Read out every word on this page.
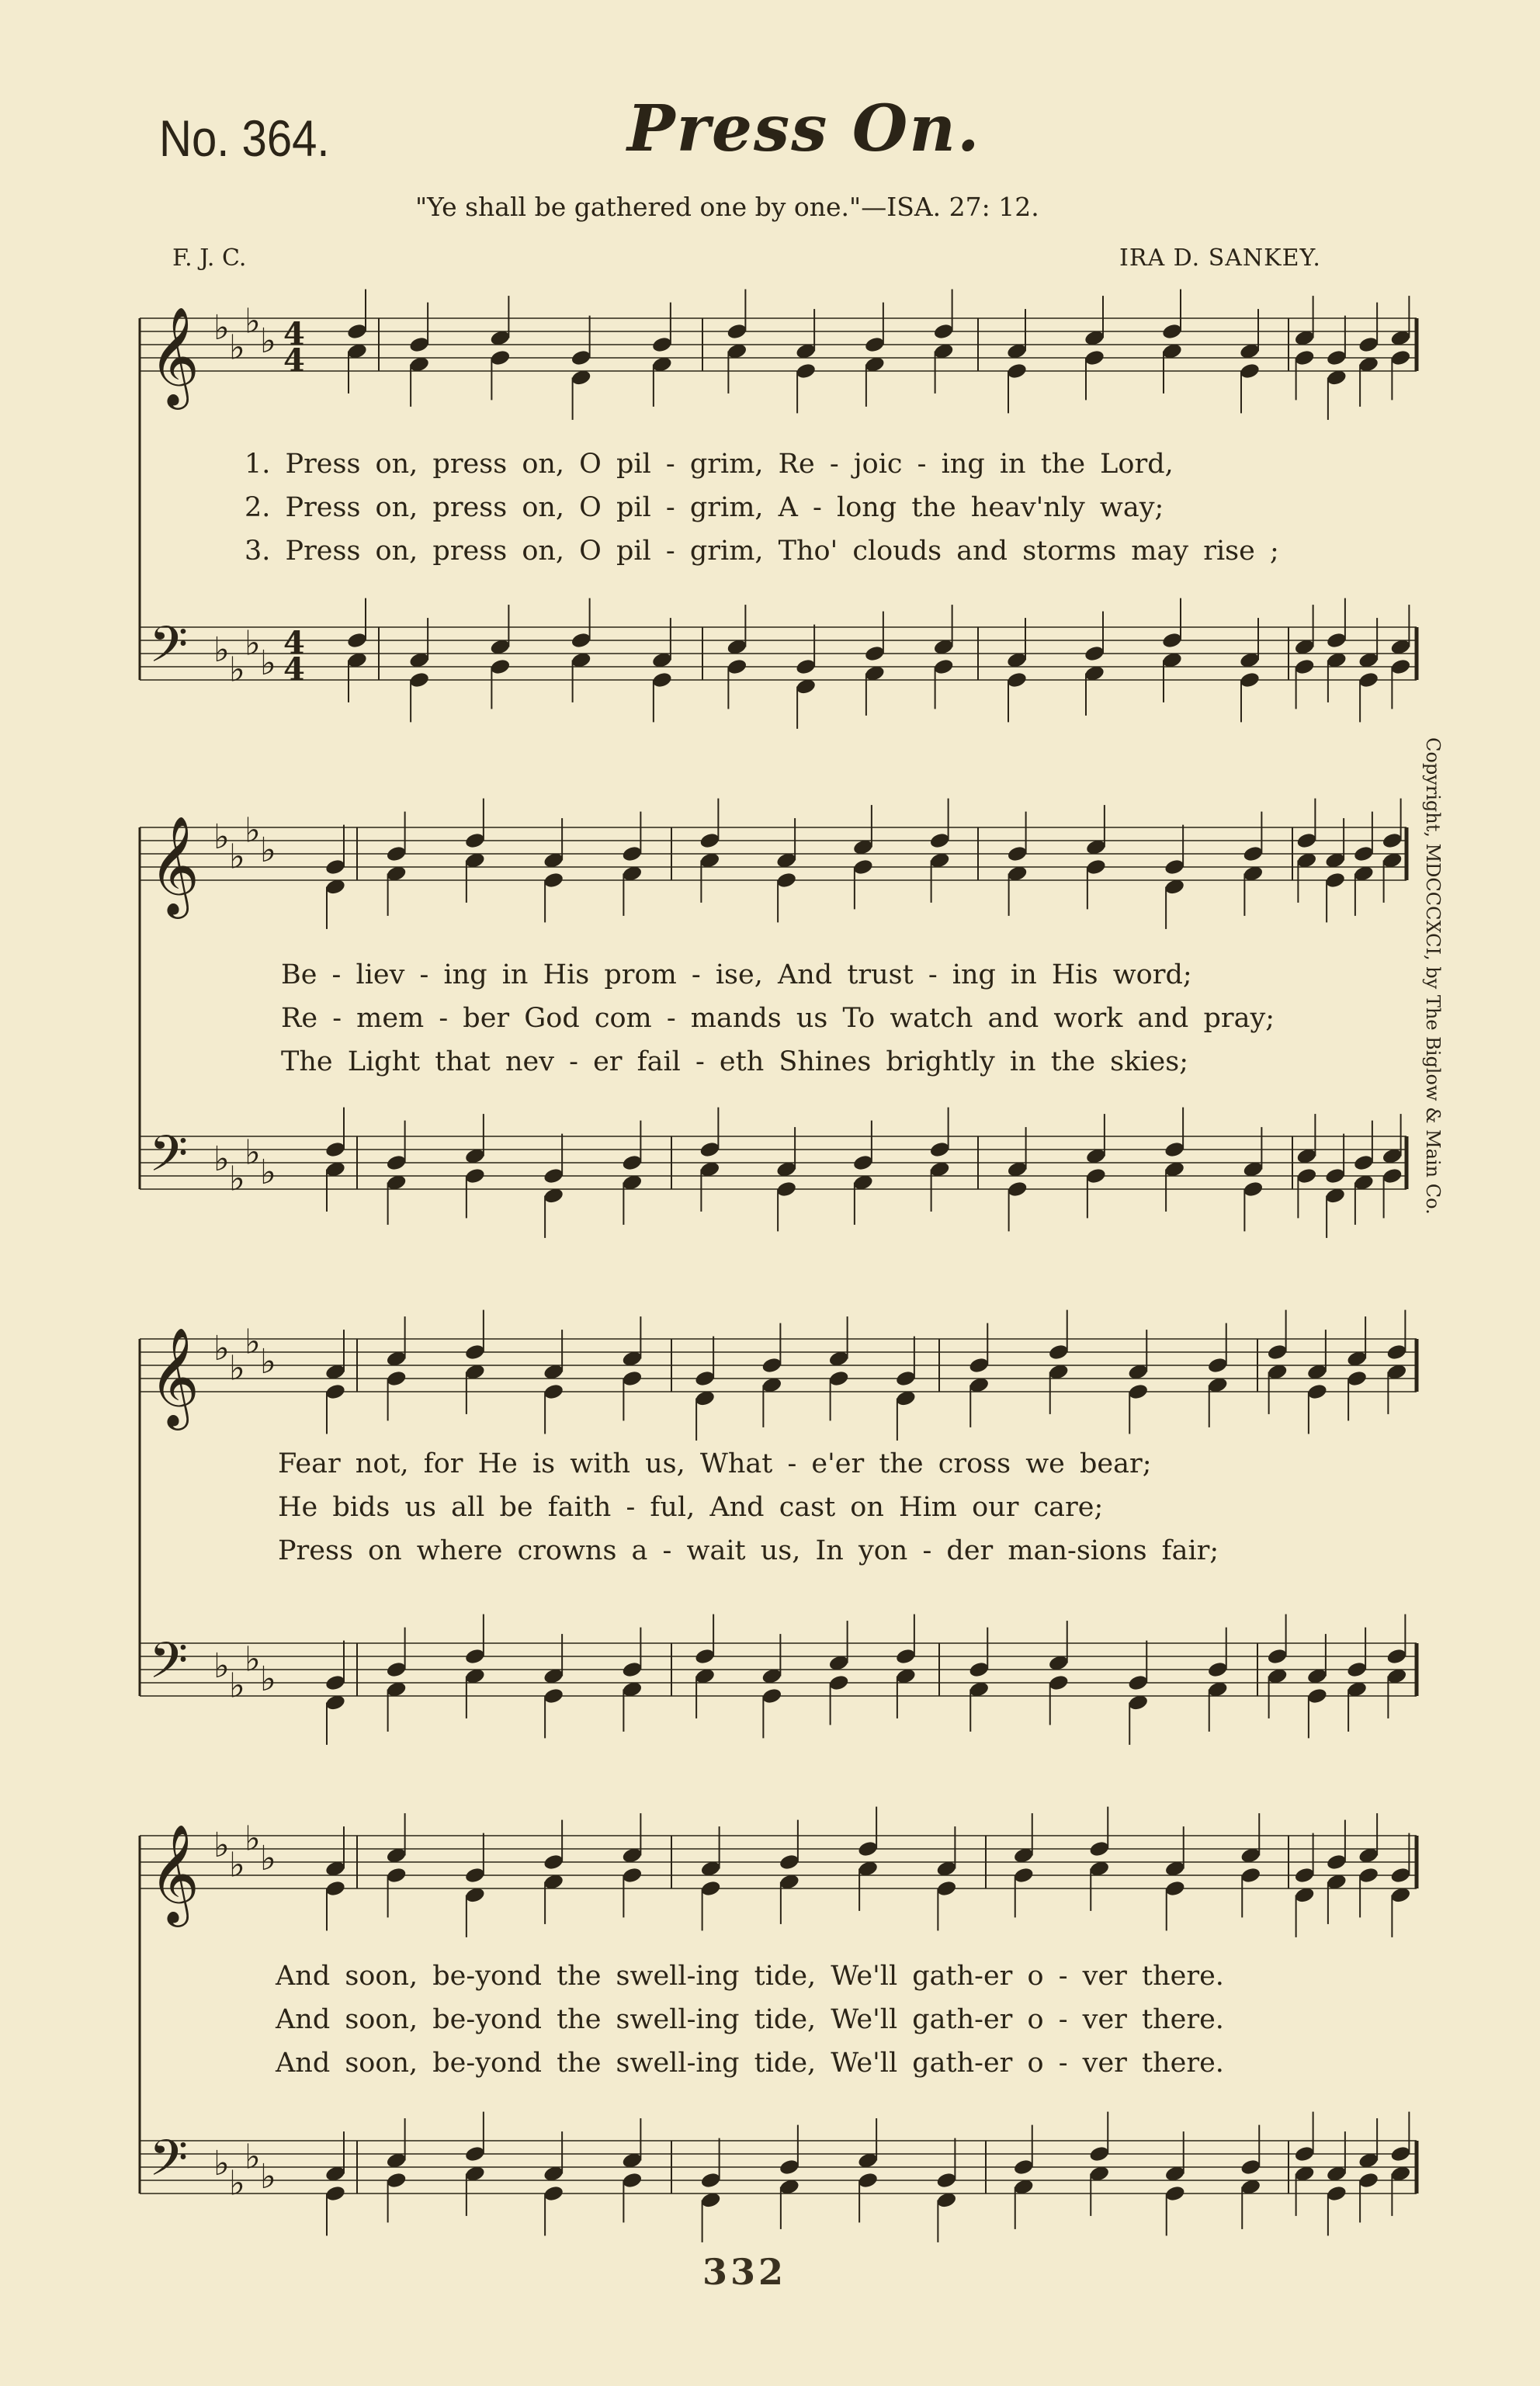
No. 364.	Press On.
"Ye shall be gathered one by one."—ISA. 27: 12.
F. J. C.	IRA D. SANKEY.
𝄞 ♭ ♭
♭ ♭ 4
4
𝄢 ♭ ♭
♭ ♭
4
4
𝄞 ♭ ♭
♭ ♭
𝄢 ♭ ♭
♭ ♭
𝄞 ♭ ♭
♭ ♭
𝄢 ♭ ♭
♭ ♭
𝄞 ♭ ♭
♭ ♭
𝄢 ♭ ♭
♭ ♭
1. Press on, press on, O pil - grim, Re - joic - ing in the Lord,
2. Press on, press on, O pil - grim, A - long the heav'nly way;
3. Press on, press on, O pil - grim, Tho' clouds and storms may rise ;
Be - liev - ing in His prom - ise, And trust - ing in His word;
Re - mem - ber God com - mands us To watch and work and pray;
The Light that nev - er fail - eth Shines brightly in the skies;
Fear not, for He is with us, What - e'er the cross we bear;
He bids us all be faith - ful, And cast on Him our care;
Press on where crowns a - wait us, In yon - der man-sions fair;
And soon, be-yond the swell-ing tide, We'll gath-er o - ver there.
And soon, be-yond the swell-ing tide, We'll gath-er o - ver there.
And soon, be-yond the swell-ing tide, We'll gath-er o - ver there.
Copyright, MDCCCXCI, by The Biglow & Main Co.
332
